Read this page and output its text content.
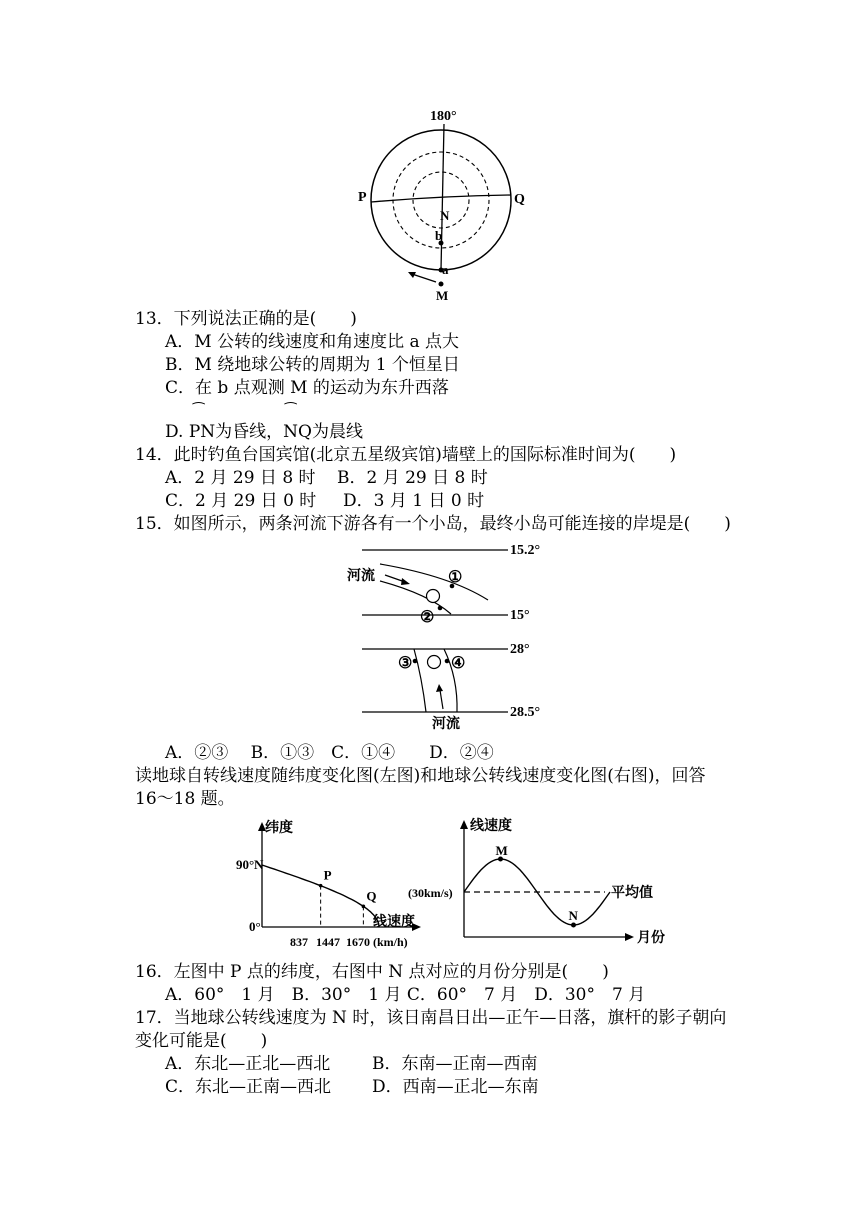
180°
P	Q
N
b
a
M
13．下列说法正确的是(　　)
A．M 公转的线速度和角速度比 a 点大
B．M 绕地球公转的周期为 1 个恒星日
C．在 b 点观测 M 的运动为东升西落
⁀	⁀
D. PN为昏线，NQ为晨线
14．此时钓鱼台国宾馆(北京五星级宾馆)墙壁上的国际标准时间为(　　)
A．2 月 29 日 8 时 B．2 月 29 日 8 时
C．2 月 29 日 0 时 D．3 月 1 日 0 时
15．如图所示，两条河流下游各有一个小岛，最终小岛可能连接的岸堤是(　　)
①
②
河流
15.2°
15°
③ ④
河流
28°
28.5°
A．②③　 B．①③　C．①④　　D．②④
读地球自转线速度随纬度变化图(左图)和地球公转线速度变化图(右图)，回答
16～18 题。
纬度
线速度
90° N
0°
837 1447 1670 (km/h)
P
Q
线速度
月份
(30km/s)	平均值
M
N
16．左图中 P 点的纬度，右图中 N 点对应的月份分别是(　　)
A．60°　1 月　B．30°　1 月 C．60°　7 月　D．30°　7 月
17．当地球公转线速度为 N 时，该日南昌日出—正午—日落，旗杆的影子朝向
变化可能是(　　)
A．东北—正北—西北 B．东南—正南—西南
C．东北—正南—西北 D．西南—正北—东南
